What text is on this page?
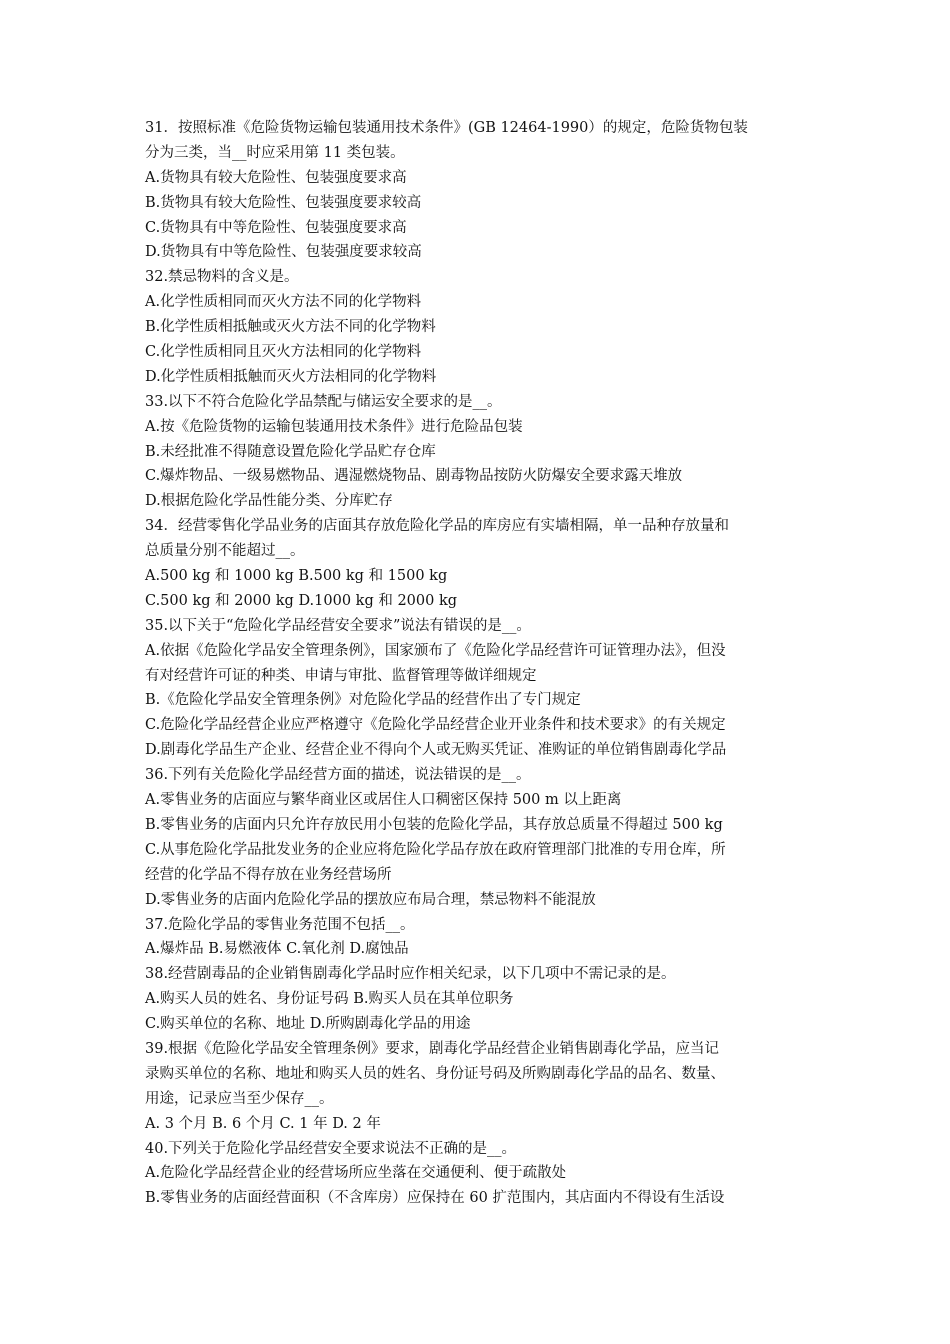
31．按照标准《危险货物运输包装通用技术条件》(GB 12464-1990）的规定，危险货物包装
分为三类，当__时应采用第 11 类包装。
A.货物具有较大危险性、包装强度要求高
B.货物具有较大危险性、包装强度要求较高
C.货物具有中等危险性、包装强度要求高
D.货物具有中等危险性、包装强度要求较高
32.禁忌物料的含义是。
A.化学性质相同而灭火方法不同的化学物料
B.化学性质相抵触或灭火方法不同的化学物料
C.化学性质相同且灭火方法相同的化学物料
D.化学性质相抵触而灭火方法相同的化学物料
33.以下不符合危险化学品禁配与储运安全要求的是__。
A.按《危险货物的运输包装通用技术条件》进行危险品包装
B.未经批准不得随意设置危险化学品贮存仓库
C.爆炸物品、一级易燃物品、遇湿燃烧物品、剧毒物品按防火防爆安全要求露天堆放
D.根据危险化学品性能分类、分库贮存
34．经营零售化学品业务的店面其存放危险化学品的库房应有实墙相隔，单一品种存放量和
总质量分别不能超过__。
A.500 kg 和 1000 kg B.500 kg 和 1500 kg
C.500 kg 和 2000 kg D.1000 kg 和 2000 kg
35.以下关于“危险化学品经营安全要求”说法有错误的是__。
A.依据《危险化学品安全管理条例》，国家颁布了《危险化学品经营许可证管理办法》，但没
有对经营许可证的种类、申请与审批、监督管理等做详细规定
B.《危险化学品安全管理条例》对危险化学品的经营作出了专门规定
C.危险化学品经营企业应严格遵守《危险化学品经营企业开业条件和技术要求》的有关规定
D.剧毒化学品生产企业、经营企业不得向个人或无购买凭证、准购证的单位销售剧毒化学品
36.下列有关危险化学品经营方面的描述，说法错误的是__。
A.零售业务的店面应与繁华商业区或居住人口稠密区保持 500 m 以上距离
B.零售业务的店面内只允许存放民用小包装的危险化学品，其存放总质量不得超过 500 kg
C.从事危险化学品批发业务的企业应将危险化学品存放在政府管理部门批准的专用仓库，所
经营的化学品不得存放在业务经营场所
D.零售业务的店面内危险化学品的摆放应布局合理，禁忌物料不能混放
37.危险化学品的零售业务范围不包括__。
A.爆炸品 B.易燃液体 C.氧化剂 D.腐蚀品
38.经营剧毒品的企业销售剧毒化学品时应作相关纪录，以下几项中不需记录的是。
A.购买人员的姓名、身份证号码 B.购买人员在其单位职务
C.购买单位的名称、地址 D.所购剧毒化学品的用途
39.根据《危险化学品安全管理条例》要求，剧毒化学品经营企业销售剧毒化学品，应当记
录购买单位的名称、地址和购买人员的姓名、身份证号码及所购剧毒化学品的品名、数量、
用途，记录应当至少保存__。
A. 3 个月 B. 6 个月 C. 1 年 D. 2 年
40.下列关于危险化学品经营安全要求说法不正确的是__。
A.危险化学品经营企业的经营场所应坐落在交通便利、便于疏散处
B.零售业务的店面经营面积（不含库房）应保持在 60 扩范围内，其店面内不得设有生活设
